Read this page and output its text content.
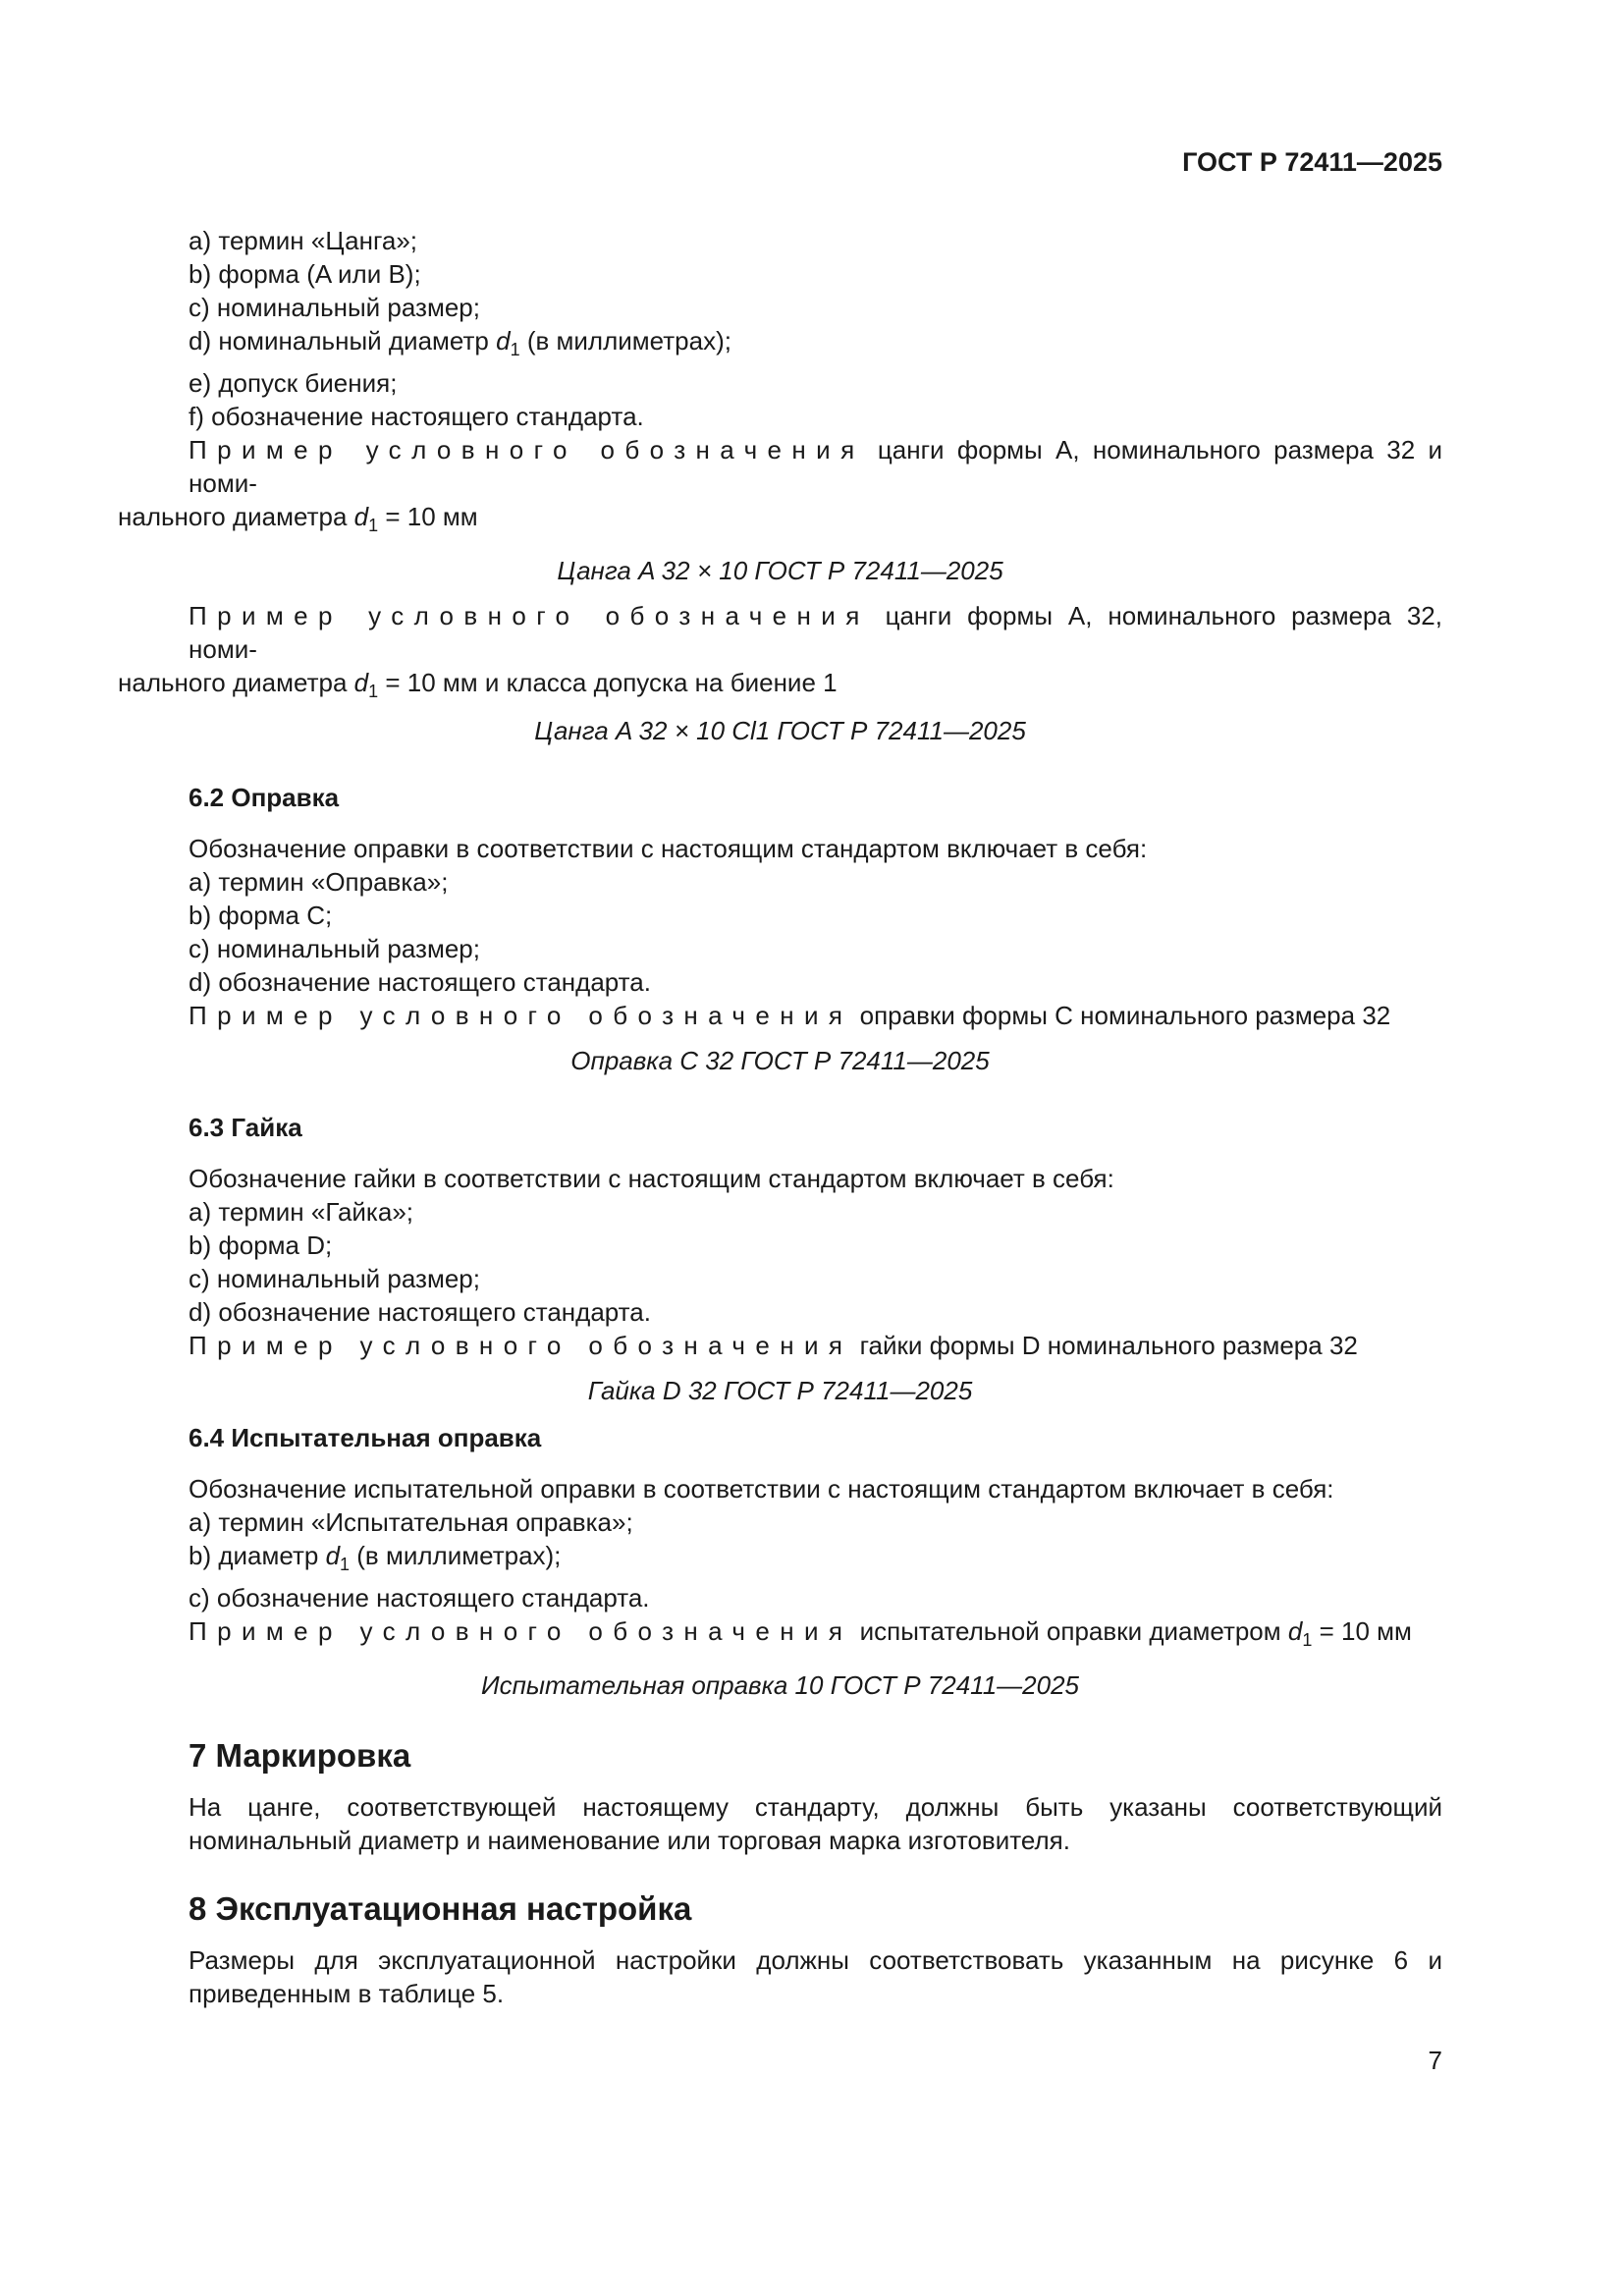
ГОСТ Р 72411—2025

a) термин «Цанга»;

b) форма (A или B);

c) номинальный размер;

d) номинальный диаметр $d_1$ (в миллиметрах);

e) допуск биения;

f) обозначение настоящего стандарта.

Пример условного обозначения цанги формы A, номинального размера 32 и номи-

нального диаметра $d_1 = 10$ мм

Цанга A 32 × 10 ГОСТ Р 72411—2025

Пример условного обозначения цанги формы A, номинального размера 32, номи-

нального диаметра $d_1 = 10$ мм и класса допуска на биение 1

Цанга A 32 × 10 Cl1 ГОСТ Р 72411—2025

6.2 Оправка

Обозначение оправки в соответствии с настоящим стандартом включает в себя:

a) термин «Оправка»;

b) форма C;

c) номинальный размер;

d) обозначение настоящего стандарта.

Пример условного обозначения оправки формы C номинального размера 32

Оправка C 32 ГОСТ Р 72411—2025

6.3 Гайка

Обозначение гайки в соответствии с настоящим стандартом включает в себя:

a) термин «Гайка»;

b) форма D;

c) номинальный размер;

d) обозначение настоящего стандарта.

Пример условного обозначения гайки формы D номинального размера 32

Гайка D 32 ГОСТ Р 72411—2025

6.4 Испытательная оправка

Обозначение испытательной оправки в соответствии с настоящим стандартом включает в себя:

a) термин «Испытательная оправка»;

b) диаметр $d_1$ (в миллиметрах);

c) обозначение настоящего стандарта.

Пример условного обозначения испытательной оправки диаметром $d_1 = 10$ мм

Испытательная оправка 10 ГОСТ Р 72411—2025

7 Маркировка

На цанге, соответствующей настоящему стандарту, должны быть указаны соответствующий номинальный диаметр и наименование или торговая марка изготовителя.

8 Эксплуатационная настройка

Размеры для эксплуатационной настройки должны соответствовать указанным на рисунке 6 и приведенным в таблице 5.

7
